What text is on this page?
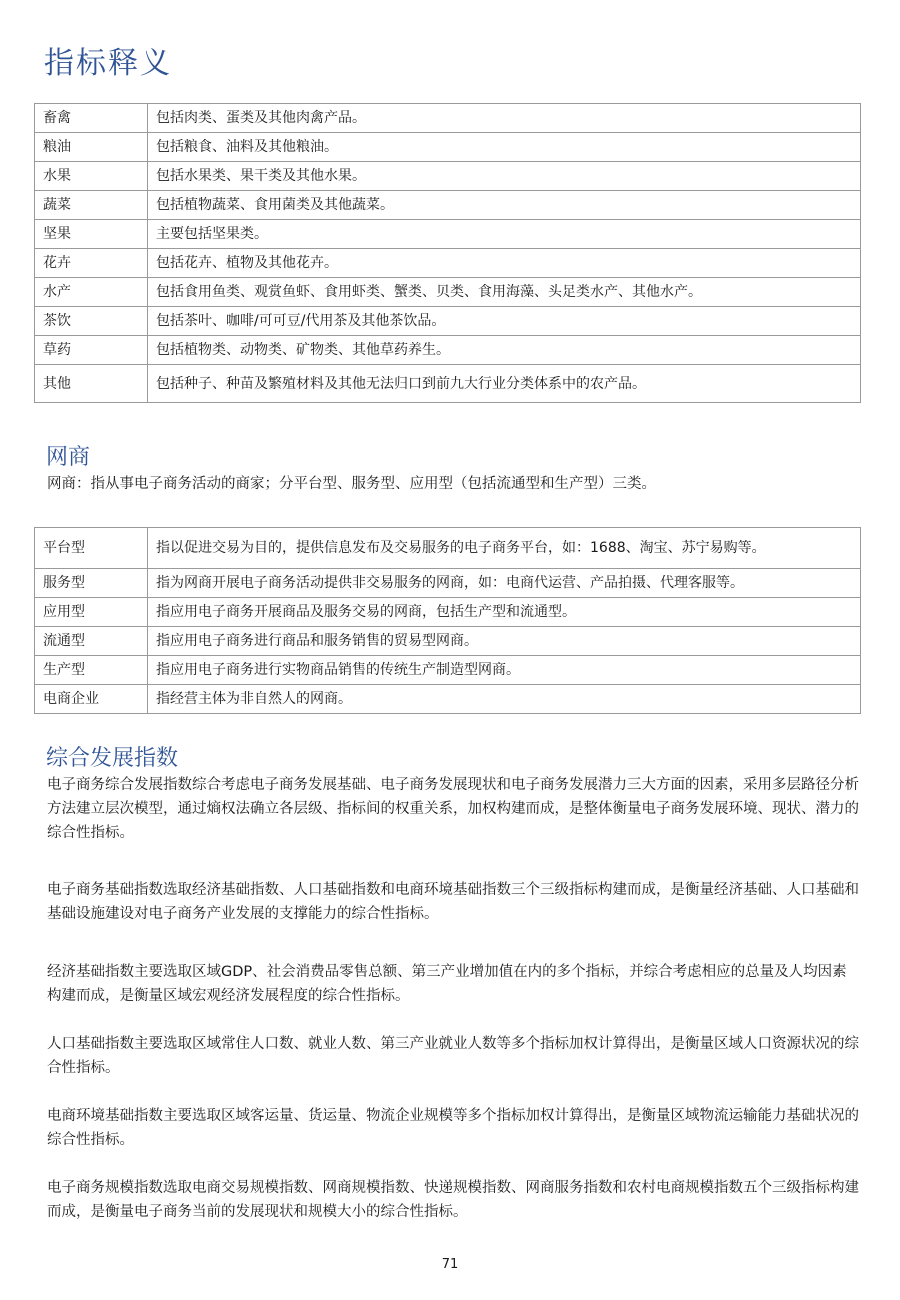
指标释义
畜禽	包括肉类、蛋类及其他肉禽产品。
粮油	包括粮食、油料及其他粮油。
水果	包括水果类、果干类及其他水果。
蔬菜	包括植物蔬菜、食用菌类及其他蔬菜。
坚果	主要包括坚果类。
花卉	包括花卉、植物及其他花卉。
水产	包括食用鱼类、观赏鱼虾、食用虾类、蟹类、贝类、食用海藻、头足类水产、其他水产。
茶饮	包括茶叶、咖啡/可可豆/代用茶及其他茶饮品。
草药	包括植物类、动物类、矿物类、其他草药养生。
其他	包括种子、种苗及繁殖材料及其他无法归口到前九大行业分类体系中的农产品。
网商

网商：指从事电子商务活动的商家；分平台型、服务型、应用型（包括流通型和生产型）三类。

平台型	指以促进交易为目的，提供信息发布及交易服务的电子商务平台，如：1688、淘宝、苏宁易购等。
服务型	指为网商开展电子商务活动提供非交易服务的网商，如：电商代运营、产品拍摄、代理客服等。
应用型	指应用电子商务开展商品及服务交易的网商，包括生产型和流通型。
流通型	指应用电子商务进行商品和服务销售的贸易型网商。
生产型	指应用电子商务进行实物商品销售的传统生产制造型网商。
电商企业	指经营主体为非自然人的网商。
综合发展指数

电子商务综合发展指数综合考虑电子商务发展基础、电子商务发展现状和电子商务发展潜力三大方面的因素，采用多层路径分析方法建立层次模型，通过熵权法确立各层级、指标间的权重关系，加权构建而成，是整体衡量电子商务发展环境、现状、潜力的综合性指标。

电子商务基础指数选取经济基础指数、人口基础指数和电商环境基础指数三个三级指标构建而成，是衡量经济基础、人口基础和基础设施建设对电子商务产业发展的支撑能力的综合性指标。

经济基础指数主要选取区域GDP、社会消费品零售总额、第三产业增加值在内的多个指标，并综合考虑相应的总量及人均因素构建而成，是衡量区域宏观经济发展程度的综合性指标。

人口基础指数主要选取区域常住人口数、就业人数、第三产业就业人数等多个指标加权计算得出，是衡量区域人口资源状况的综合性指标。

电商环境基础指数主要选取区域客运量、货运量、物流企业规模等多个指标加权计算得出，是衡量区域物流运输能力基础状况的综合性指标。

电子商务规模指数选取电商交易规模指数、网商规模指数、快递规模指数、网商服务指数和农村电商规模指数五个三级指标构建而成，是衡量电子商务当前的发展现状和规模大小的综合性指标。

71
